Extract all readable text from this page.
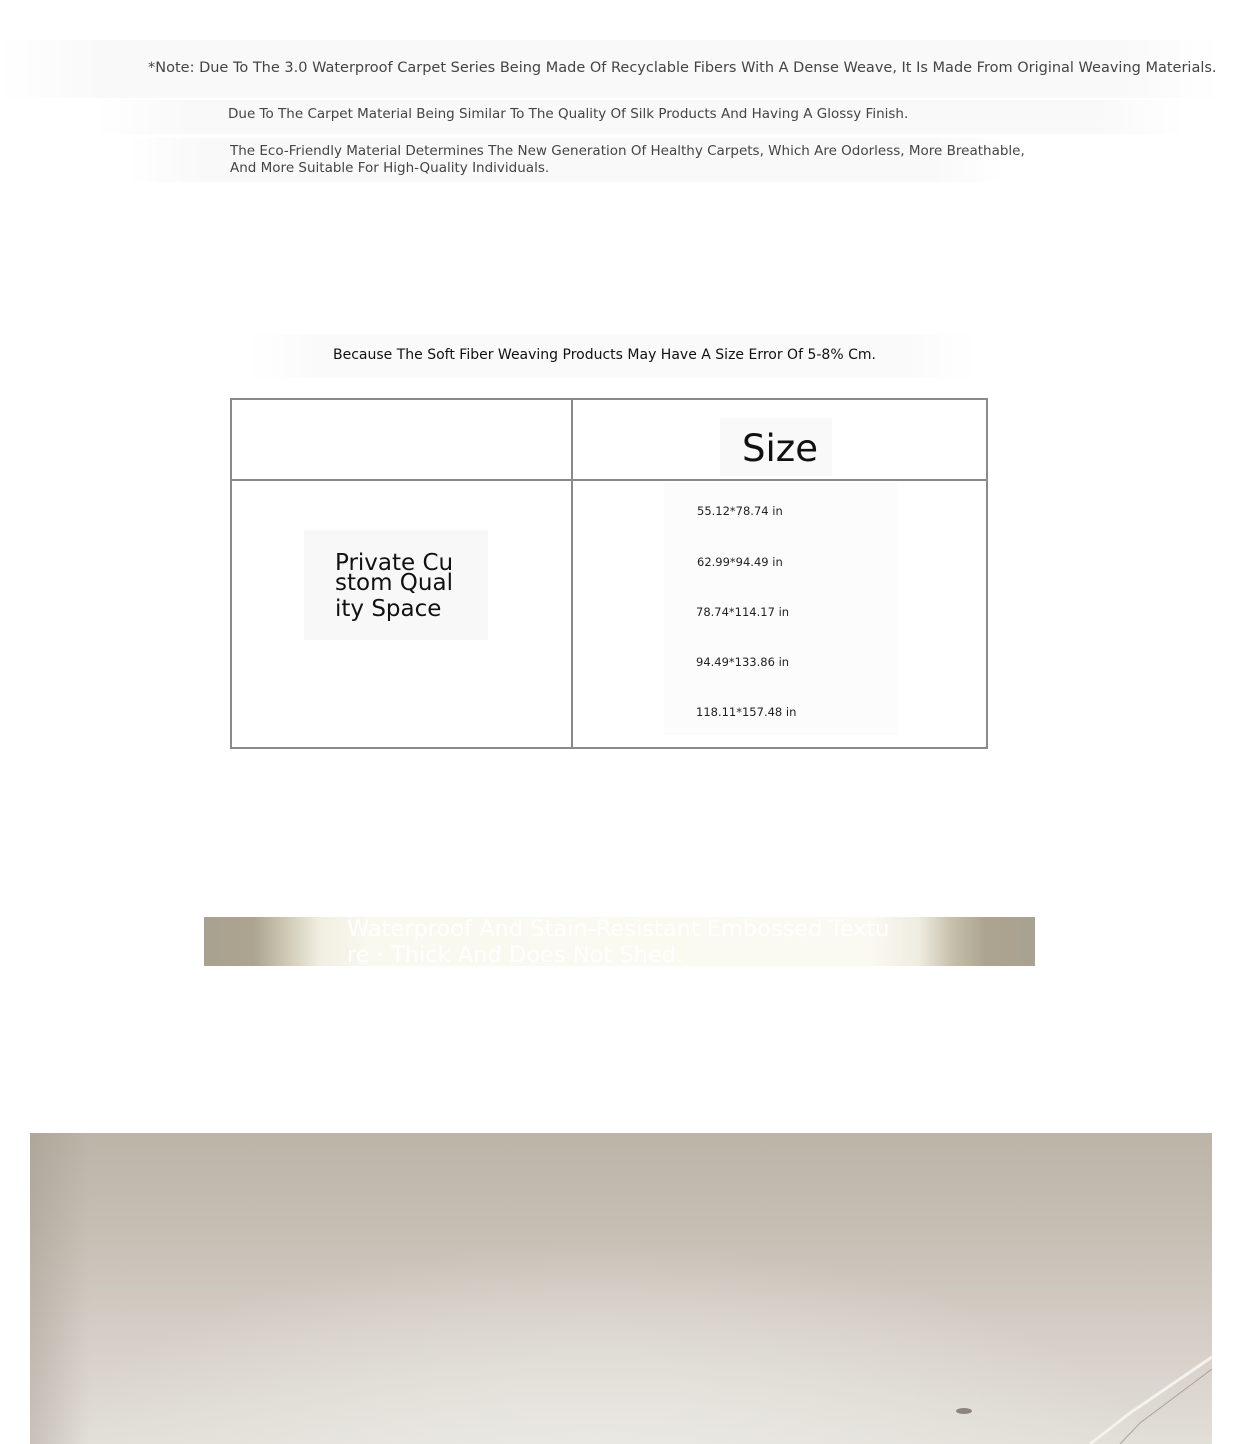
*Note: Due To The 3.0 Waterproof Carpet Series Being Made Of Recyclable Fibers With A Dense Weave, It Is Made From Original Weaving Materials.
Due To The Carpet Material Being Similar To The Quality Of Silk Products And Having A Glossy Finish.
The Eco-Friendly Material Determines The New Generation Of Healthy Carpets, Which Are Odorless, More Breathable,
And More Suitable For High-Quality Individuals.
Because The Soft Fiber Weaving Products May Have A Size Error Of 5-8% Cm.
Size
Private Cu
stom Qual
ity Space
55.12*78.74 in
62.99*94.49 in
78.74*114.17 in
94.49*133.86 in
118.11*157.48 in
Waterproof And Stain-Resistant Embossed Textu
re · Thick And Does Not Shed.
